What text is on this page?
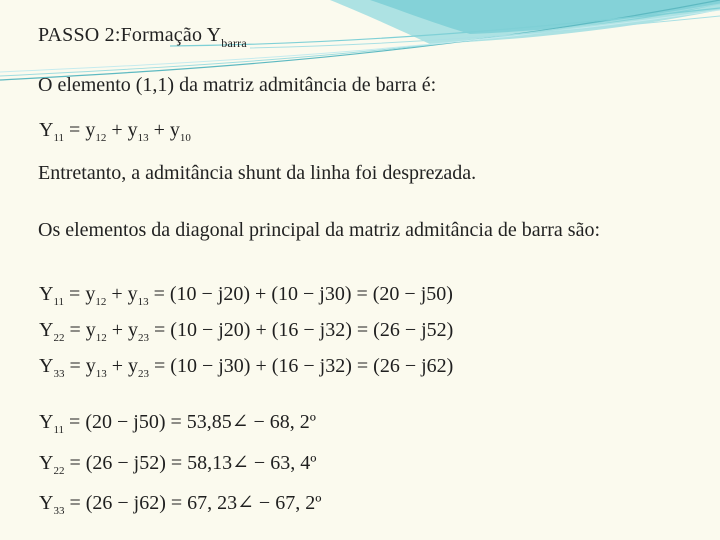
PASSO 2:Formação $Y_{barra}$
O elemento (1,1) da matriz admitância de barra é:
$Y_{11} = y_{12} + y_{13} + y_{10}$
Entretanto, a admitância shunt da linha foi desprezada.
Os elementos da diagonal principal da matriz admitância de barra são:
$Y_{11} = y_{12} + y_{13} = (10 - j20) + (10 - j30) = (20 - j50)$
$Y_{22} = y_{12} + y_{23} = (10 - j20) + (16 - j32) = (26 - j52)$
$Y_{33} = y_{13} + y_{23} = (10 - j30) + (16 - j32) = (26 - j62)$
$Y_{11} = (20 - j50)$ = 53,85∠ − 68, 2º
$Y_{22} = (26 - j52)$ = 58,13∠ − 63, 4º
$Y_{33} = (26 - j62) = 67$, 23∠ − 67, 2º
